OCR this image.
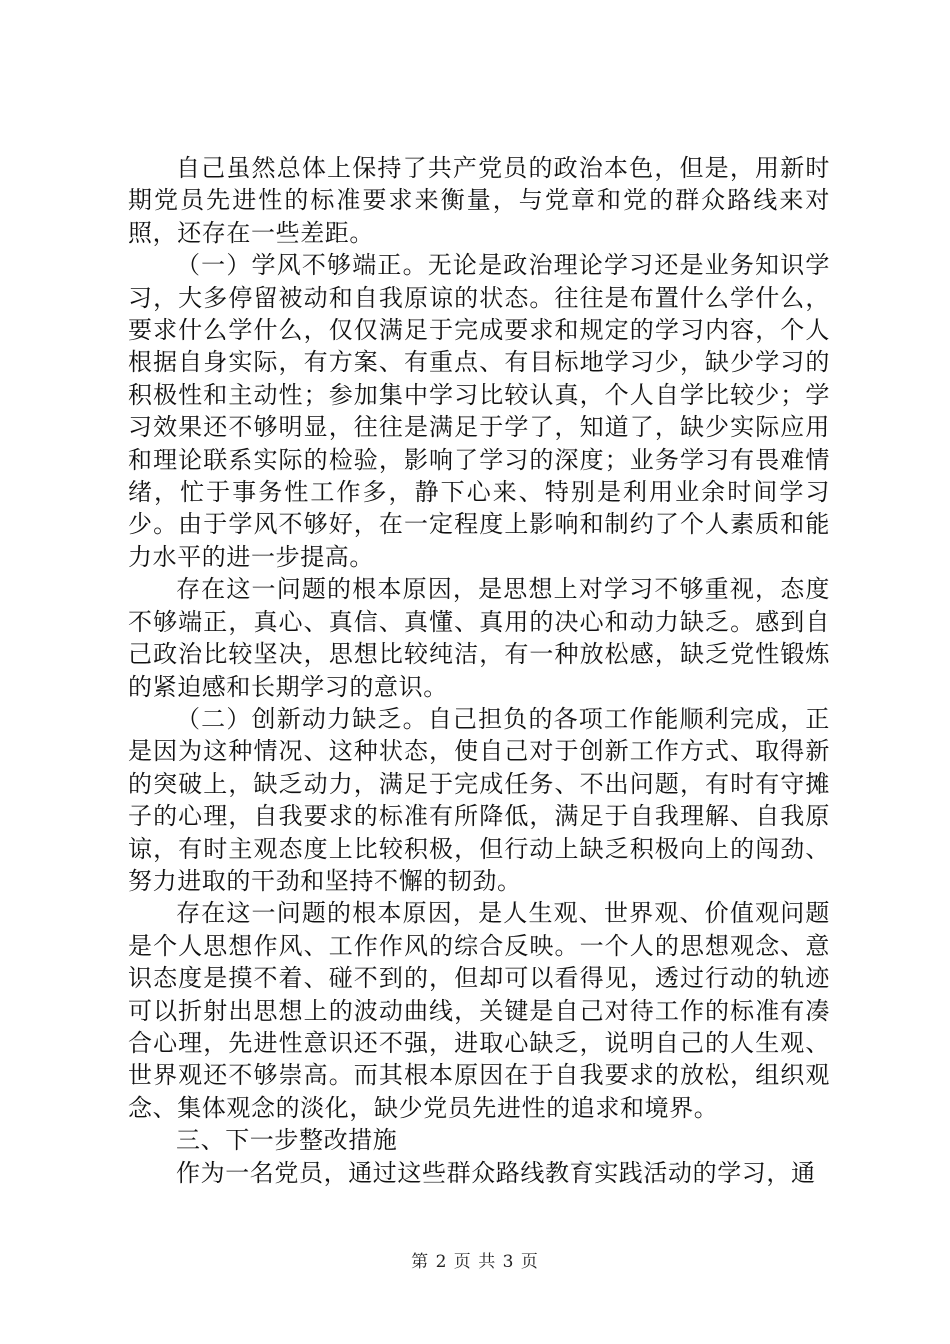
自己虽然总体上保持了共产党员的政治本色，但是，用新时期党员先进性的标准要求来衡量，与党章和党的群众路线来对照，还存在一些差距。

（一）学风不够端正。无论是政治理论学习还是业务知识学习，大多停留被动和自我原谅的状态。往往是布置什么学什么，要求什么学什么，仅仅满足于完成要求和规定的学习内容，个人根据自身实际，有方案、有重点、有目标地学习少，缺少学习的积极性和主动性；参加集中学习比较认真，个人自学比较少；学习效果还不够明显，往往是满足于学了，知道了，缺少实际应用和理论联系实际的检验，影响了学习的深度；业务学习有畏难情绪，忙于事务性工作多，静下心来、特别是利用业余时间学习少。由于学风不够好，在一定程度上影响和制约了个人素质和能力水平的进一步提高。

存在这一问题的根本原因，是思想上对学习不够重视，态度不够端正，真心、真信、真懂、真用的决心和动力缺乏。感到自己政治比较坚决，思想比较纯洁，有一种放松感，缺乏党性锻炼的紧迫感和长期学习的意识。

（二）创新动力缺乏。自己担负的各项工作能顺利完成，正是因为这种情况、这种状态，使自己对于创新工作方式、取得新的突破上，缺乏动力，满足于完成任务、不出问题，有时有守摊子的心理，自我要求的标准有所降低，满足于自我理解、自我原谅，有时主观态度上比较积极，但行动上缺乏积极向上的闯劲、努力进取的干劲和坚持不懈的韧劲。

存在这一问题的根本原因，是人生观、世界观、价值观问题是个人思想作风、工作作风的综合反映。一个人的思想观念、意识态度是摸不着、碰不到的，但却可以看得见，透过行动的轨迹可以折射出思想上的波动曲线，关键是自己对待工作的标准有凑合心理，先进性意识还不强，进取心缺乏，说明自己的人生观、世界观还不够崇高。而其根本原因在于自我要求的放松，组织观念、集体观念的淡化，缺少党员先进性的追求和境界。

三、下一步整改措施

作为一名党员，通过这些群众路线教育实践活动的学习，通

第 2 页 共 3 页
